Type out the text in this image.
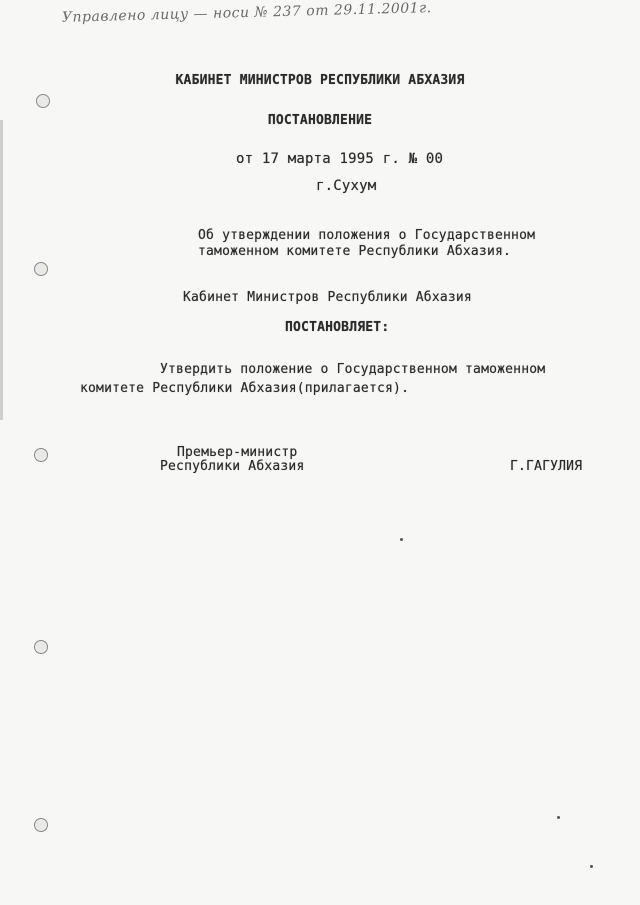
Управлено лицу — носи № 237 от 29.11.2001г.
КАБИНЕТ МИНИСТРОВ РЕСПУБЛИКИ АБХАЗИЯ
ПОСТАНОВЛЕНИЕ
от 17 марта 1995 г. № 00
г.Сухум
Об утверждении положения о Государственном
таможенном комитете Республики Абхазия.
Кабинет Министров Республики Абхазия
ПОСТАНОВЛЯЕТ:
Утвердить положение о Государственном таможенном
комитете Республики Абхазия(прилагается).
Премьер-министр
Республики Абхазия	Г.ГАГУЛИЯ
